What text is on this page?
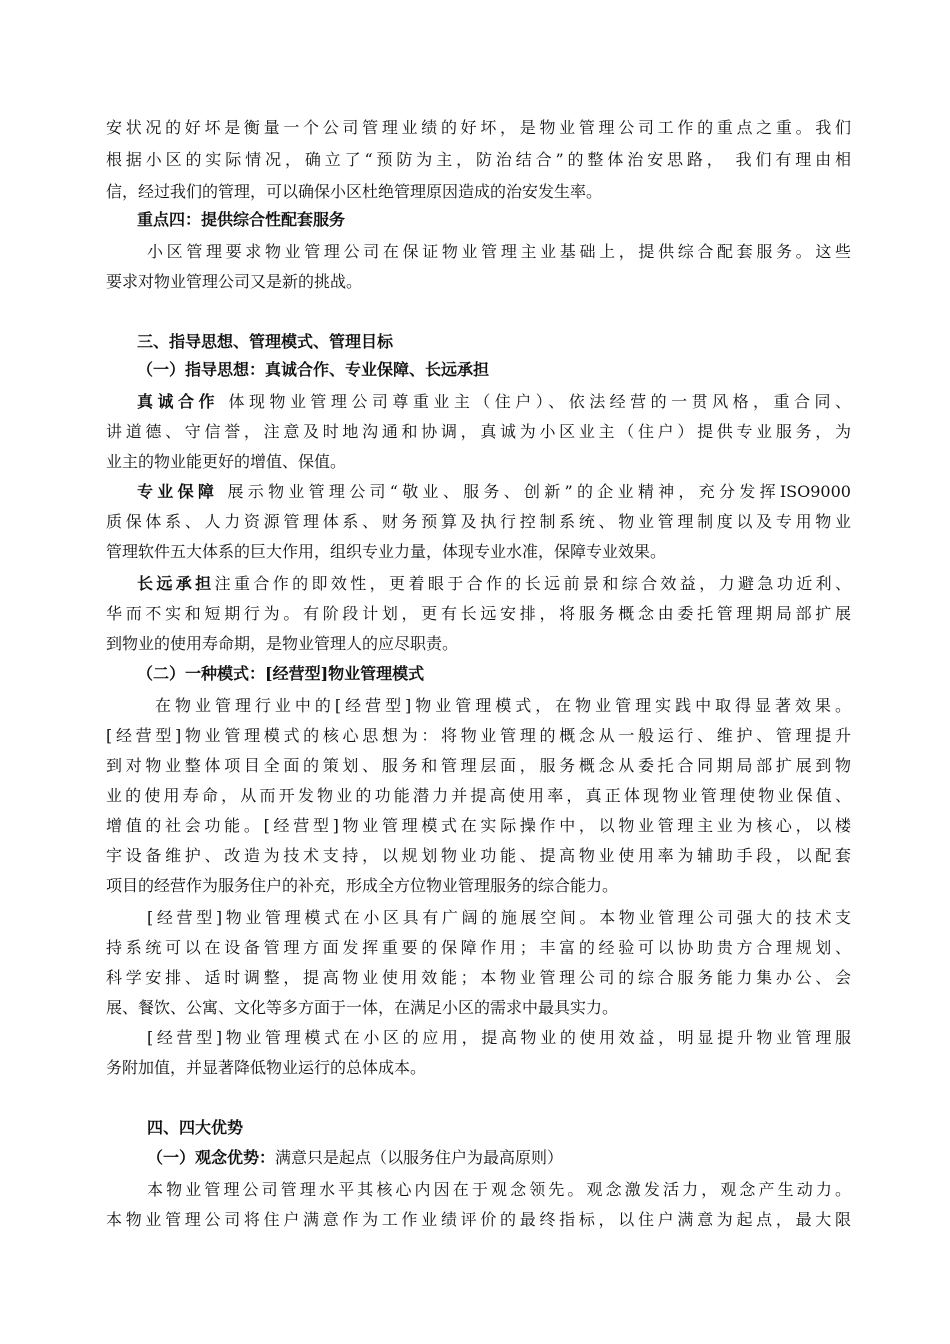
安状况的好坏是衡量一个公司管理业绩的好坏，是物业管理公司工作的重点之重。我们
根据小区的实际情况，确立了“预防为主，防治结合”的整体治安思路， 我们有理由相
信，经过我们的管理，可以确保小区杜绝管理原因造成的治安发生率。
重点四：提供综合性配套服务
小区管理要求物业管理公司在保证物业管理主业基础上，提供综合配套服务。这些
要求对物业管理公司又是新的挑战。
三、指导思想、管理模式、管理目标
（一）指导思想：真诚合作、专业保障、长远承担
真诚合作 体现物业管理公司尊重业主（住户）、依法经营的一贯风格，重合同、
讲道德、守信誉，注意及时地沟通和协调，真诚为小区业主（住户）提供专业服务，为
业主的物业能更好的增值、保值。
专业保障 展示物业管理公司“敬业、服务、创新”的企业精神，充分发挥ISO9000
质保体系、人力资源管理体系、财务预算及执行控制系统、物业管理制度以及专用物业
管理软件五大体系的巨大作用，组织专业力量，体现专业水准，保障专业效果。
长远承担注重合作的即效性，更着眼于合作的长远前景和综合效益，力避急功近利、
华而不实和短期行为。有阶段计划，更有长远安排，将服务概念由委托管理期局部扩展
到物业的使用寿命期，是物业管理人的应尽职责。
（二）一种模式：[经营型]物业管理模式
在物业管理行业中的[经营型]物业管理模式，在物业管理实践中取得显著效果。
[经营型]物业管理模式的核心思想为：将物业管理的概念从一般运行、维护、管理提升
到对物业整体项目全面的策划、服务和管理层面，服务概念从委托合同期局部扩展到物
业的使用寿命，从而开发物业的功能潜力并提高使用率，真正体现物业管理使物业保值、
增值的社会功能。[经营型]物业管理模式在实际操作中，以物业管理主业为核心，以楼
宇设备维护、改造为技术支持，以规划物业功能、提高物业使用率为辅助手段，以配套
项目的经营作为服务住户的补充，形成全方位物业管理服务的综合能力。
[经营型]物业管理模式在小区具有广阔的施展空间。本物业管理公司强大的技术支
持系统可以在设备管理方面发挥重要的保障作用；丰富的经验可以协助贵方合理规划、
科学安排、适时调整，提高物业使用效能；本物业管理公司的综合服务能力集办公、会
展、餐饮、公寓、文化等多方面于一体，在满足小区的需求中最具实力。
[经营型]物业管理模式在小区的应用，提高物业的使用效益，明显提升物业管理服
务附加值，并显著降低物业运行的总体成本。
四、四大优势
（一）观念优势：满意只是起点（以服务住户为最高原则）
本物业管理公司管理水平其核心内因在于观念领先。观念激发活力，观念产生动力。
本物业管理公司将住户满意作为工作业绩评价的最终指标，以住户满意为起点，最大限
